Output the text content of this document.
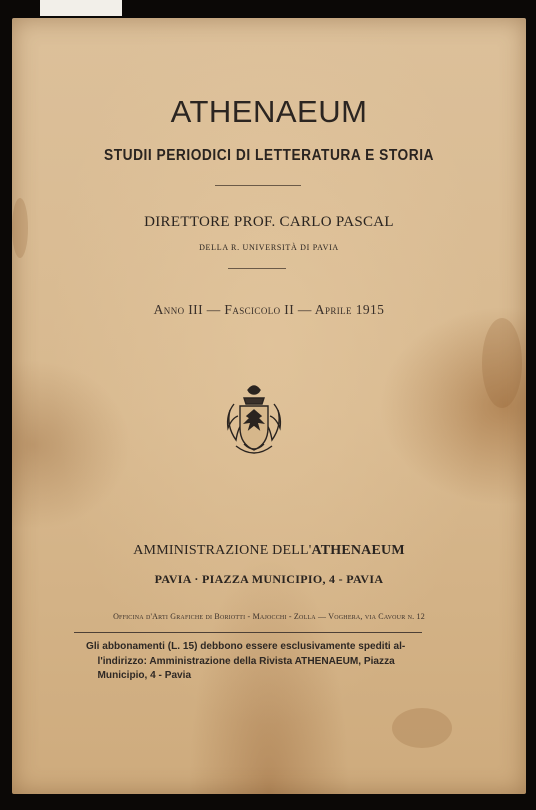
ATHENAEUM
STUDII PERIODICI DI LETTERATURA E STORIA
DIRETTORE PROF. CARLO PASCAL
DELLA R. UNIVERSITÀ DI PAVIA
Anno III — Fascicolo II — Aprile 1915
AMMINISTRAZIONE DELL'ATHENAEUM
PAVIA · PIAZZA MUNICIPIO, 4 - PAVIA
Officina d'Arti Grafiche di Boriotti - Majocchi - Zolla — Voghera, via Cavour n. 12
Gli abbonamenti (L. 15) debbono essere esclusivamente spediti al-
l'indirizzo: Amministrazione della Rivista ATHENAEUM, Piazza
Municipio, 4 - Pavia
